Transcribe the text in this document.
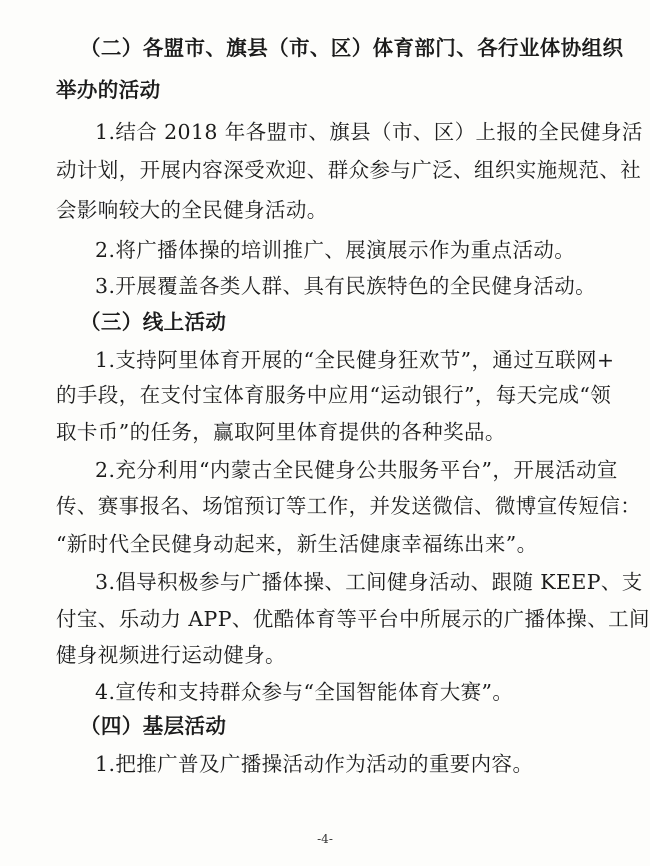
（二）各盟市、旗县（市、区）体育部门、各行业体协组织
举办的活动
1.结合 2018 年各盟市、旗县（市、区）上报的全民健身活
动计划，开展内容深受欢迎、群众参与广泛、组织实施规范、社
会影响较大的全民健身活动。
2.将广播体操的培训推广、展演展示作为重点活动。
3.开展覆盖各类人群、具有民族特色的全民健身活动。
（三）线上活动
1.支持阿里体育开展的“全民健身狂欢节”，通过互联网+
的手段，在支付宝体育服务中应用“运动银行”，每天完成“领
取卡币”的任务，赢取阿里体育提供的各种奖品。
2.充分利用“内蒙古全民健身公共服务平台”，开展活动宣
传、赛事报名、场馆预订等工作，并发送微信、微博宣传短信：
“新时代全民健身动起来，新生活健康幸福练出来”。
3.倡导积极参与广播体操、工间健身活动、跟随 KEEP、支
付宝、乐动力 APP、优酷体育等平台中所展示的广播体操、工间
健身视频进行运动健身。
4.宣传和支持群众参与“全国智能体育大赛”。
（四）基层活动
1.把推广普及广播操活动作为活动的重要内容。
-4-
